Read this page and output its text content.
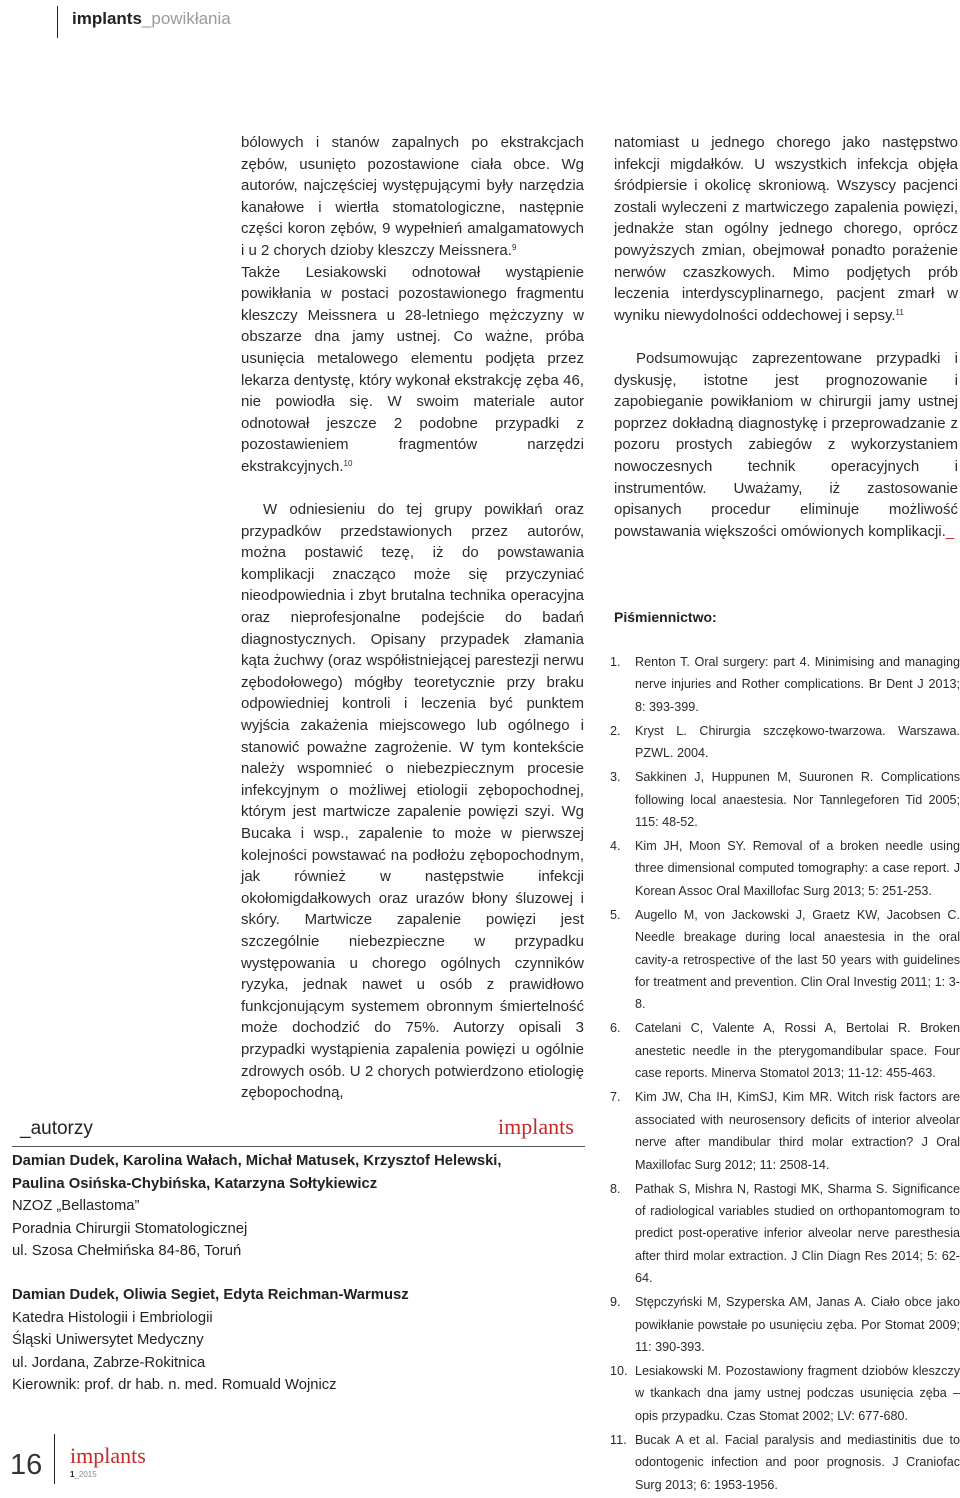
implants_powikłania

bólowych i stanów zapalnych po ekstrakcjach zębów, usunięto pozostawione ciała obce. Wg autorów, najczęściej występującymi były narzędzia kanałowe i wiertła stomatologiczne, następnie części koron zębów, 9 wypełnień amalgamatowych i u 2 chorych dzioby kleszczy Meissnera.$^9$

Także Lesiakowski odnotował wystąpienie powikłania w postaci pozostawionego fragmentu kleszczy Meissnera u 28-letniego mężczyzny w obszarze dna jamy ustnej. Co ważne, próba usunięcia metalowego elementu podjęta przez lekarza dentystę, który wykonał ekstrakcję zęba 46, nie powiodła się. W swoim materiale autor odnotował jeszcze 2 podobne przypadki z pozostawieniem fragmentów narzędzi ekstrakcyjnych.$^{10}$

W odniesieniu do tej grupy powikłań oraz przypadków przedstawionych przez autorów, można postawić tezę, iż do powstawania komplikacji znacząco może się przyczyniać nieodpowiednia i zbyt brutalna technika operacyjna oraz nieprofesjonalne podejście do badań diagnostycznych. Opisany przypadek złamania kąta żuchwy (oraz współistniejącej parestezji nerwu zębodołowego) mógłby teoretycznie przy braku odpowiedniej kontroli i leczenia być punktem wyjścia zakażenia miejscowego lub ogólnego i stanowić poważne zagrożenie. W tym kontekście należy wspomnieć o niebezpiecznym procesie infekcyjnym o możliwej etiologii zębopochodnej, którym jest martwicze zapalenie powięzi szyi. Wg Bucaka i wsp., zapalenie to może w pierwszej kolejności powstawać na podłożu zębopochodnym, jak również w następstwie infekcji okołomigdałkowych oraz urazów błony śluzowej i skóry. Martwicze zapalenie powięzi jest szczególnie niebezpieczne w przypadku występowania u chorego ogólnych czynników ryzyka, jednak nawet u osób z prawidłowo funkcjonującym systemem obronnym śmiertelność może dochodzić do 75%. Autorzy opisali 3 przypadki wystąpienia zapalenia powięzi u ogólnie zdrowych osób. U 2 chorych potwierdzono etiologię zębopochodną,

natomiast u jednego chorego jako następstwo infekcji migdałków. U wszystkich infekcja objęła śródpiersie i okolicę skroniową. Wszyscy pacjenci zostali wyleczeni z martwiczego zapalenia powięzi, jednakże stan ogólny jednego chorego, oprócz powyższych zmian, obejmował ponadto porażenie nerwów czaszkowych. Mimo podjętych prób leczenia interdyscyplinarnego, pacjent zmarł w wyniku niewydolności oddechowej i sepsy.$^{11}$

Podsumowując zaprezentowane przypadki i dyskusję, istotne jest prognozowanie i zapobieganie powikłaniom w chirurgii jamy ustnej poprzez dokładną diagnostykę i przeprowadzanie z pozoru prostych zabiegów z wykorzystaniem nowoczesnych technik operacyjnych i instrumentów. Uważamy, iż zastosowanie opisanych procedur eliminuje możliwość powstawania większości omówionych komplikacji._

Piśmiennictwo:
1.	Renton T. Oral surgery: part 4. Minimising and managing nerve injuries and Rother complications. Br Dent J 2013; 8: 393-399.
2.	Kryst L. Chirurgia szczękowo-twarzowa. Warszawa. PZWL. 2004.
3.	Sakkinen J, Huppunen M, Suuronen R. Complications following local anaestesia. Nor Tannlegeforen Tid 2005; 115: 48-52.
4.	Kim JH, Moon SY. Removal of a broken needle using three dimensional computed tomography: a case report. J Korean Assoc Oral Maxillofac Surg 2013; 5: 251-253.
5.	Augello M, von Jackowski J, Graetz KW, Jacobsen C. Needle breakage during local anaestesia in the oral cavity-a retrospective of the last 50 years with guidelines for treatment and prevention. Clin Oral Investig 2011; 1: 3-8.
6.	Catelani C, Valente A, Rossi A, Bertolai R. Broken anestetic needle in the pterygomandibular space. Four case reports. Minerva Stomatol 2013; 11-12: 455-463.
7.	Kim JW, Cha IH, KimSJ, Kim MR. Witch risk factors are associated with neurosensory deficits of interior alveolar nerve after mandibular third molar extraction? J Oral Maxillofac Surg 2012; 11: 2508-14.
8.	Pathak S, Mishra N, Rastogi MK, Sharma S. Significance of radiological variables studied on orthopantomogram to predict post-operative inferior alveolar nerve paresthesia after third molar extraction. J Clin Diagn Res 2014; 5: 62-64.
9.	Stępczyński M, Szyperska AM, Janas A. Ciało obce jako powikłanie powstałe po usunięciu zęba. Por Stomat 2009; 11: 390-393.
10. Lesiakowski M. Pozostawiony fragment dziobów kleszczy w tkankach dna jamy ustnej podczas usunięcia zęba – opis przypadku. Czas Stomat 2002; LV: 677-680.
11. Bucak A et al. Facial paralysis and mediastinitis due to odontogenic infection and poor prognosis. J Craniofac Surg 2013; 6: 1953-1956.
_autorzy	implants
Damian Dudek, Karolina Wałach, Michał Matusek, Krzysztof Helewski,
Paulina Osińska-Chybińska, Katarzyna Sołtykiewicz
NZOZ „Bellastoma”
Poradnia Chirurgii Stomatologicznej
ul. Szosa Chełmińska 84-86, Toruń
Damian Dudek, Oliwia Segiet, Edyta Reichman-Warmusz
Katedra Histologii i Embriologii
Śląski Uniwersytet Medyczny
ul. Jordana, Zabrze-Rokitnica
Kierownik: prof. dr hab. n. med. Romuald Wojnicz
16 implants
1_2015
